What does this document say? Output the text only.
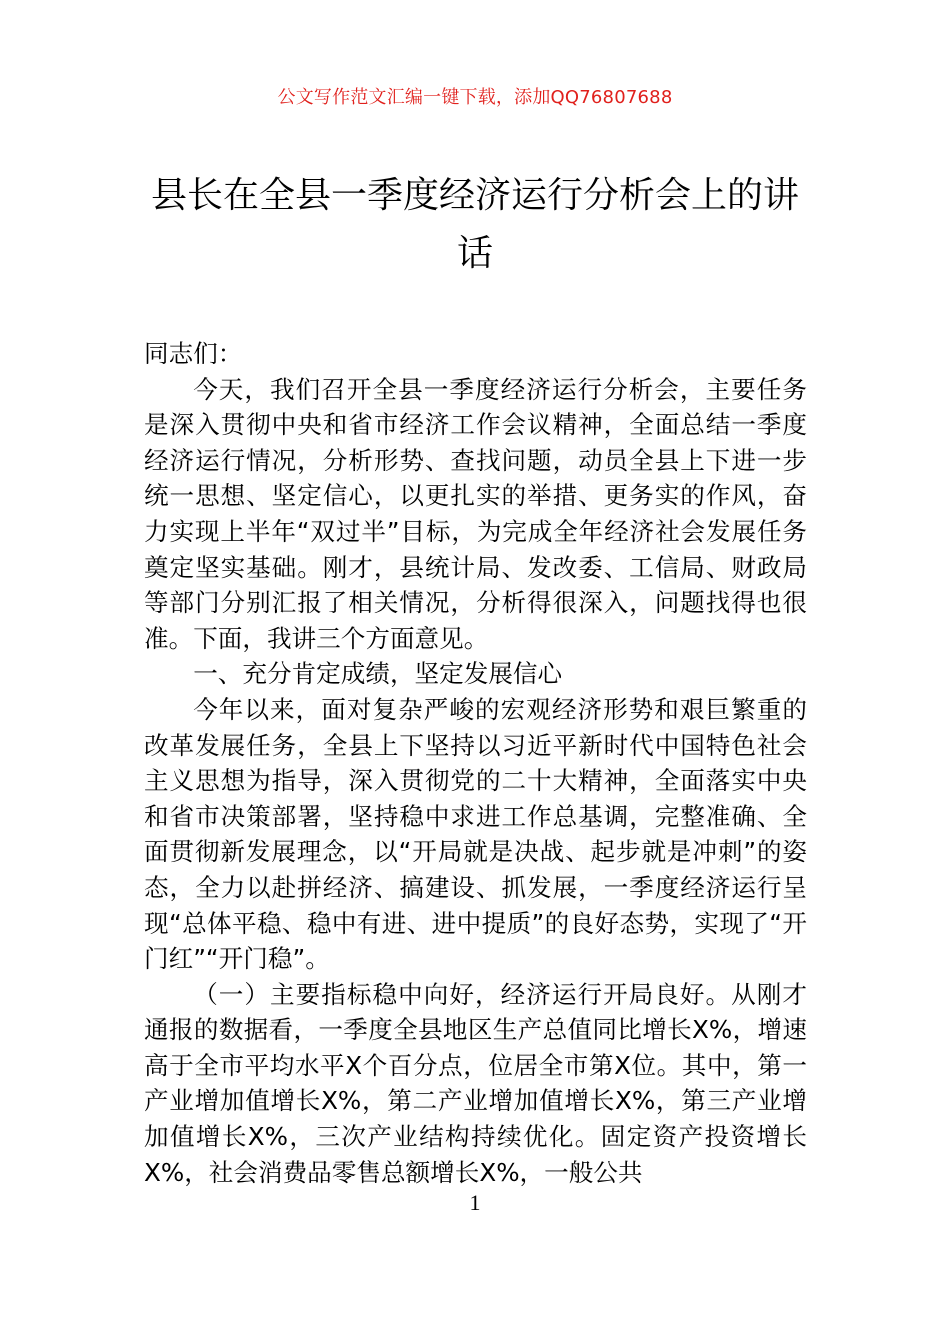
公文写作范文汇编一键下载，添加QQ76807688
县长在全县一季度经济运行分析会上的讲话

同志们：

今天，我们召开全县一季度经济运行分析会，主要任务是深入贯彻中央和省市经济工作会议精神，全面总结一季度经济运行情况，分析形势、查找问题，动员全县上下进一步统一思想、坚定信心，以更扎实的举措、更务实的作风，奋力实现上半年“双过半”目标，为完成全年经济社会发展任务奠定坚实基础。刚才，县统计局、发改委、工信局、财政局等部门分别汇报了相关情况，分析得很深入，问题找得也很准。下面，我讲三个方面意见。

一、充分肯定成绩，坚定发展信心

今年以来，面对复杂严峻的宏观经济形势和艰巨繁重的改革发展任务，全县上下坚持以习近平新时代中国特色社会主义思想为指导，深入贯彻党的二十大精神，全面落实中央和省市决策部署，坚持稳中求进工作总基调，完整准确、全面贯彻新发展理念，以“开局就是决战、起步就是冲刺”的姿态，全力以赴拼经济、搞建设、抓发展，一季度经济运行呈现“总体平稳、稳中有进、进中提质”的良好态势，实现了“开门红”“开门稳”。

（一）主要指标稳中向好，经济运行开局良好。从刚才通报的数据看，一季度全县地区生产总值同比增长X%，增速高于全市平均水平X个百分点，位居全市第X位。其中，第一产业增加值增长X%，第二产业增加值增长X%，第三产业增加值增长X%，三次产业结构持续优化。固定资产投资增长X%，社会消费品零售总额增长X%，一般公共

1
